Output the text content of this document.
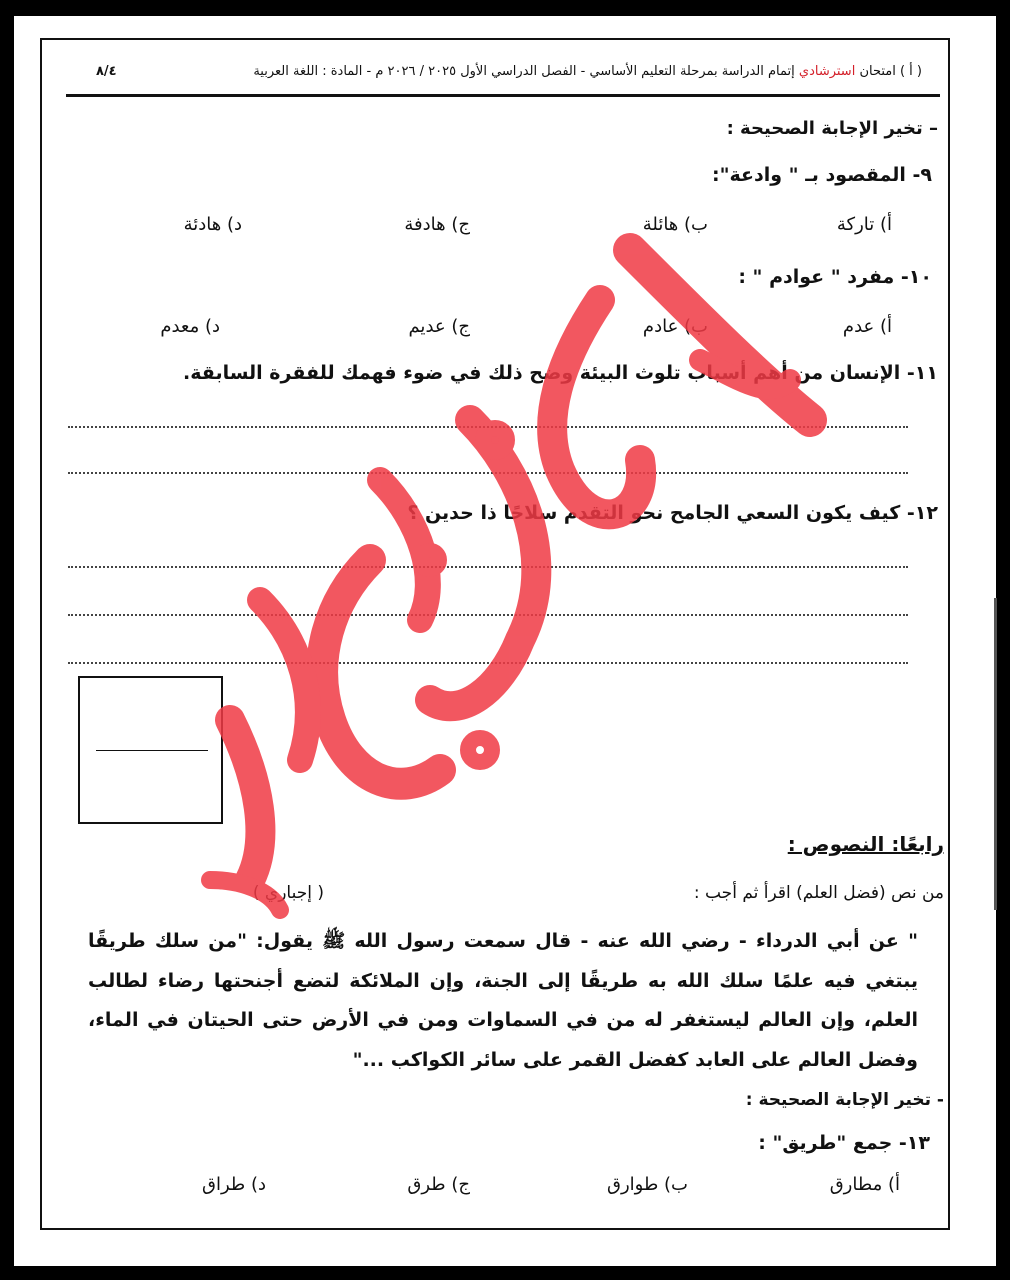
( أ ) امتحان استرشادي إتمام الدراسة بمرحلة التعليم الأساسي - الفصل الدراسي الأول ٢٠٢٥ / ٢٠٢٦ م - المادة : اللغة العربية
٨/٤
– تخير الإجابة الصحيحة :
٩- المقصود بـ " وادعة":
أ) تاركة
ب) هائلة
ج) هادفة
د) هادئة
١٠- مفرد " عوادم " :
أ) عدم
ب) عادم
ج) عديم
د) معدم
١١- الإنسان من أهم أسباب تلوث البيئة وضح ذلك في ضوء فهمك للفقرة السابقة.
١٢- كيف يكون السعي الجامح نحو التقدم سلاحًا ذا حدين ؟
رابعًا: النصوص :
من نص (فضل العلم) اقرأ ثم أجب :
( إجباري )
" عن أبي الدرداء - رضي الله عنه - قال سمعت رسول الله ﷺ يقول: "من سلك طريقًا يبتغي فيه علمًا سلك الله به طريقًا إلى الجنة، وإن الملائكة لتضع أجنحتها رضاء لطالب العلم، وإن العالم ليستغفر له من في السماوات ومن في الأرض حتى الحيتان في الماء، وفضل العالم على العابد كفضل القمر على سائر الكواكب ..."
- تخير الإجابة الصحيحة :
١٣- جمع "طريق" :
أ) مطارق
ب) طوارق
ج) طرق
د) طراق
